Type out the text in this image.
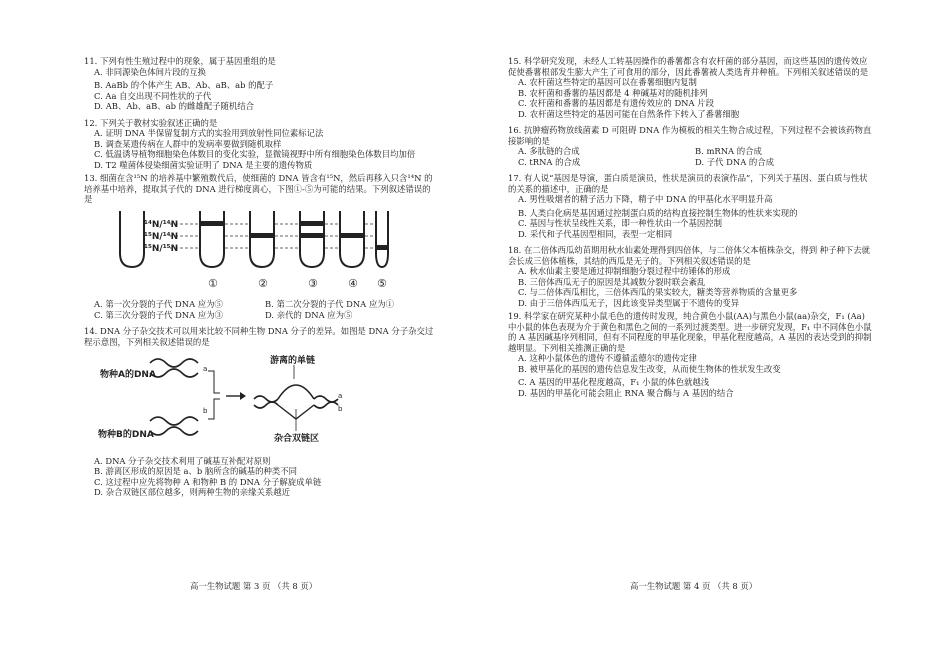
11. 下列有性生殖过程中的现象，属于基因重组的是

A. 非同源染色体间片段的互换

B. AaBb 的个体产生 AB、Ab、aB、ab 的配子

C. Aa 自交出现不同性状的子代

D. AB、Ab、aB、ab 的雌雄配子随机结合

12. 下列关于教材实验叙述正确的是

A. 证明 DNA 半保留复制方式的实验用到放射性同位素标记法

B. 调查某遗传病在人群中的发病率要做到随机取样

C. 低温诱导植物细胞染色体数目的变化实验，显微镜视野中所有细胞染色体数目均加倍

D. T2 噬菌体侵染细菌实验证明了 DNA 是主要的遗传物质

13. 细菌在含¹⁵N 的培养基中繁殖数代后，使细菌的 DNA 皆含有¹⁵N，然后再移入只含¹⁴N 的培养基中培养，提取其子代的 DNA 进行梯度离心，下图①-⑤为可能的结果。下列叙述错误的是

¹⁴N/¹⁴N
¹⁵N/¹⁴N
¹⁵N/¹⁵N
①	②	③	④ ⑤
A. 第一次分裂的子代 DNA 应为⑤	B. 第二次分裂的子代 DNA 应为①
C. 第三次分裂的子代 DNA 应为③	D. 亲代的 DNA 应为⑤

14. DNA 分子杂交技术可以用来比较不同种生物 DNA 分子的差异。如图是 DNA 分子杂交过程示意图，下列相关叙述错误的是

物种A的DNA
物种B的DNA
a
b
a
b
游离的单链
杂合双链区

A. DNA 分子杂交技术利用了碱基互补配对原则

B. 游离区形成的原因是 a、b 脑所含的碱基的种类不同

C. 这过程中应先将物种 A 和物种 B 的 DNA 分子解旋成单链

D. 杂合双链区部位越多，则两种生物的亲缘关系越近

高一生物试题 第 3 页 （共 8 页）

15. 科学研究发现，未经人工转基因操作的番薯都含有农杆菌的部分基因，而这些基因的遗传效应促使番薯根部发生膨大产生了可食用的部分，因此番薯被人类选育并种植。下列相关叙述错误的是

A. 农杆菌这些特定的基因可以在番薯细胞内复制

B. 农杆菌和番薯的基因都是 4 种碱基对的随机排列

C. 农杆菌和番薯的基因都是有遗传效应的 DNA 片段

D. 农杆菌这些特定的基因可能在自然条件下转入了番薯细胞

16. 抗肿瘤药物放线菌素 D 可阻碍 DNA 作为模板的相关生物合成过程，下列过程不会被该药物直接影响的是

A. 多肽链的合成	B. mRNA 的合成
C. tRNA 的合成	D. 子代 DNA 的合成

17. 有人说“基因是导演，蛋白质是演员，性状是演员的表演作品”，下列关于基因、蛋白质与性状的关系的描述中，正确的是

A. 男性吸烟者的精子活力下降，精子中 DNA 的甲基化水平明显升高

B. 人类白化病是基因通过控制蛋白质的结构直接控制生物体的性状来实现的

C. 基因与性状呈线性关系，即一种性状由一个基因控制

D. 采代和子代基因型相同，表型一定相同

18. 在二倍体西瓜幼苗期用秋水仙素处理得到四倍体，与二倍体父本植株杂交，得到 种子种下去就会长成三倍体植株，其结的西瓜是无子的。下列相关叙述错误的是

A. 秋水仙素主要是通过抑制细胞分裂过程中纺锤体的形成

B. 三倍体西瓜无子的原因是其减数分裂时联会紊乱

C. 与二倍体西瓜相比，三倍体西瓜的果实较大，糖类等营养物质的含量更多

D. 由于三倍体西瓜无子，因此该变异类型属于不遗传的变异

19. 科学家在研究某种小鼠毛色的遗传时发现，纯合黄色小鼠(AA)与黑色小鼠(aa)杂交，F₁ (Aa)中小鼠的体色表现为介于黄色和黑色之间的一系列过渡类型。进一步研究发现，F₁ 中不同体色小鼠的 A 基因碱基序列相同，但有不同程度的甲基化现象，甲基化程度越高，A 基因的表达受到的抑制越明显。下列相关推测正确的是

A. 这种小鼠体色的遗传不遵循孟德尔的遗传定律

B. 被甲基化的基因的遗传信息发生改变，从而使生物体的性状发生改变

C. A 基因的甲基化程度越高，F₁ 小鼠的体色就越浅

D. 基因的甲基化可能会阻止 RNA 聚合酶与 A 基因的结合

高一生物试题 第 4 页 （共 8 页）
